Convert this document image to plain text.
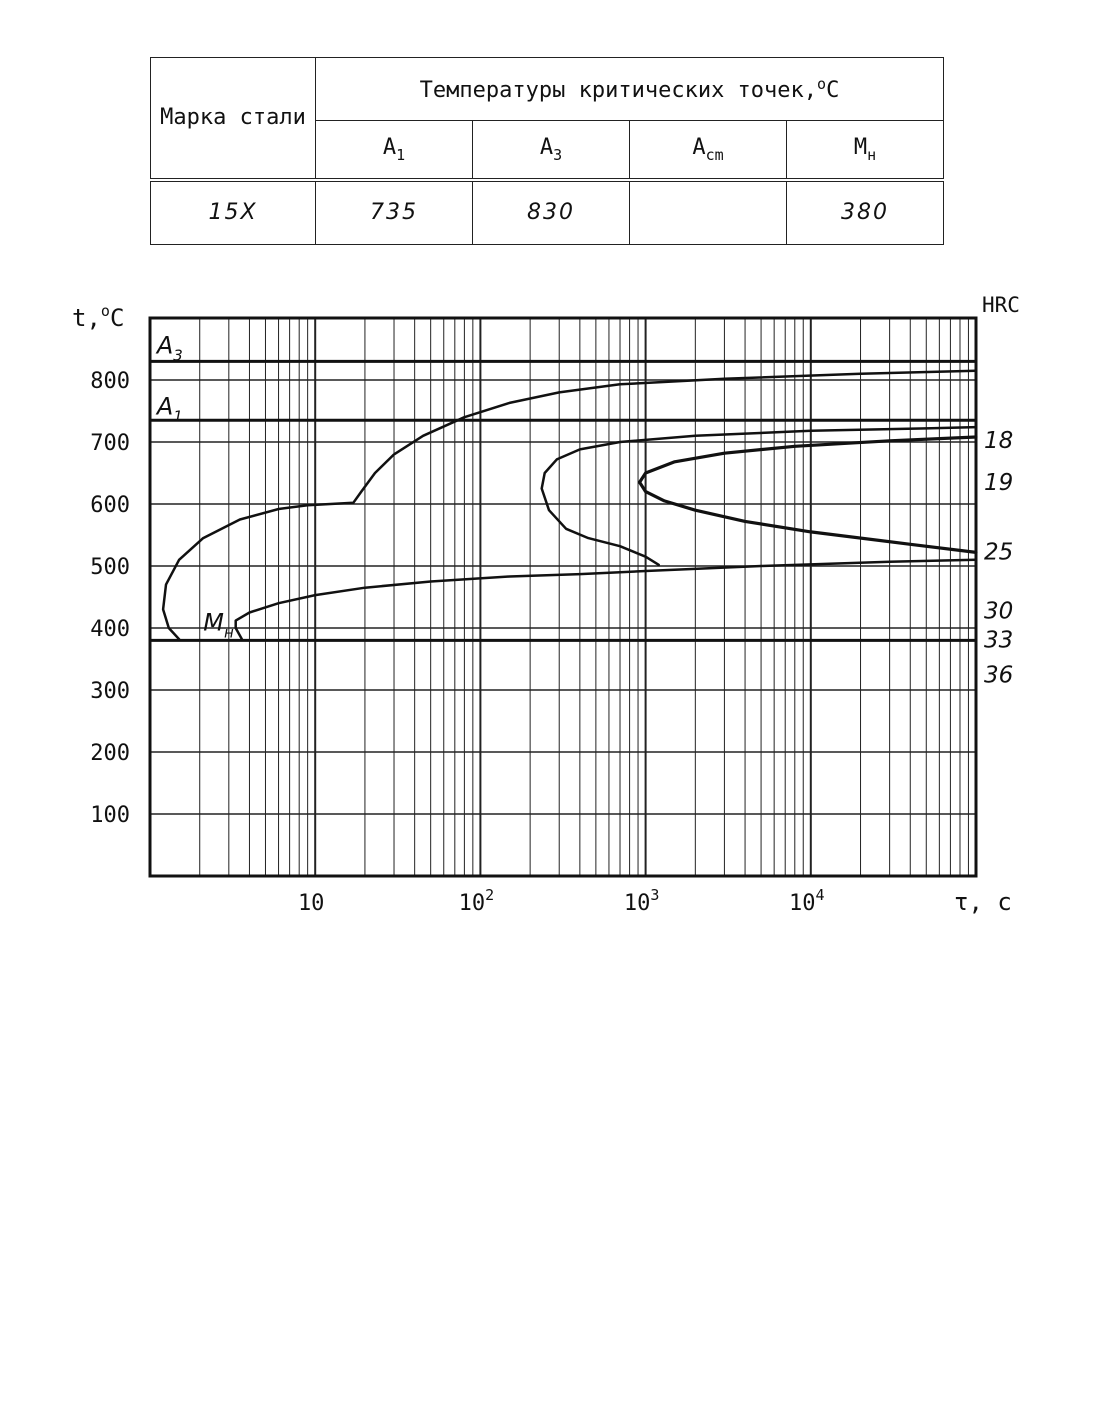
Марка стали	Температуры критических точек,$^o$C			
	$A_1$	$A_3$	$A_{cm}$	$M_н$
15X	735	830		380
$A_3$
$A_1$
$M_н$
100
200
300
400
500
600
700
800
10	$10^2$	$10^3$	$10^4$
t,$^o$C
τ, с
HRC
18
19
25
30
33
36
